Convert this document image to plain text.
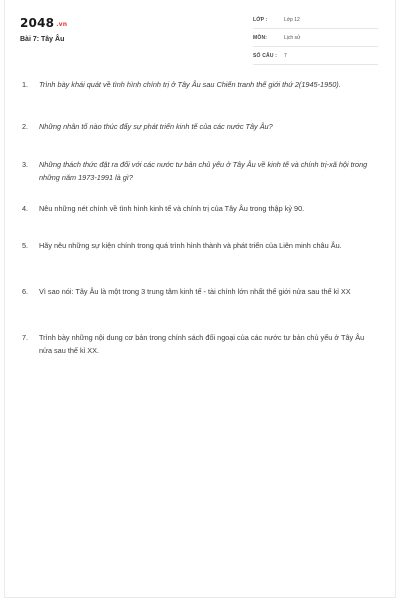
2048 .vn
Bài 7: Tây Âu
LỚP :	Lớp 12
MÔN:	Lịch sử
SỐ CÂU : 7
1. Trình bày khái quát về tình hình chính trị ở Tây Âu sau Chiến tranh thế giới thứ 2(1945-1950).
2. Những nhân tố nào thúc đẩy sự phát triển kinh tế của các nước Tây Âu?
3. Những thách thức đặt ra đối với các nước tư bản chủ yếu ở Tây Âu về kinh tế và chính trị-xã hội trong những năm 1973-1991 là gì?
4. Nêu những nét chính về tình hình kinh tế và chính trị của Tây Âu trong thập kỷ 90.
5. Hãy nêu những sự kiện chính trong quá trình hình thành và phát triển của Liên minh châu Âu.
6. Vì sao nói: Tây Âu là một trong 3 trung tâm kinh tế - tài chính lớn nhất thế giới nửa sau thế kỉ XX
7. Trình bày những nội dung cơ bản trong chính sách đối ngoại của các nước tư bản chủ yếu ở Tây Âu nửa sau thế kỉ XX.
